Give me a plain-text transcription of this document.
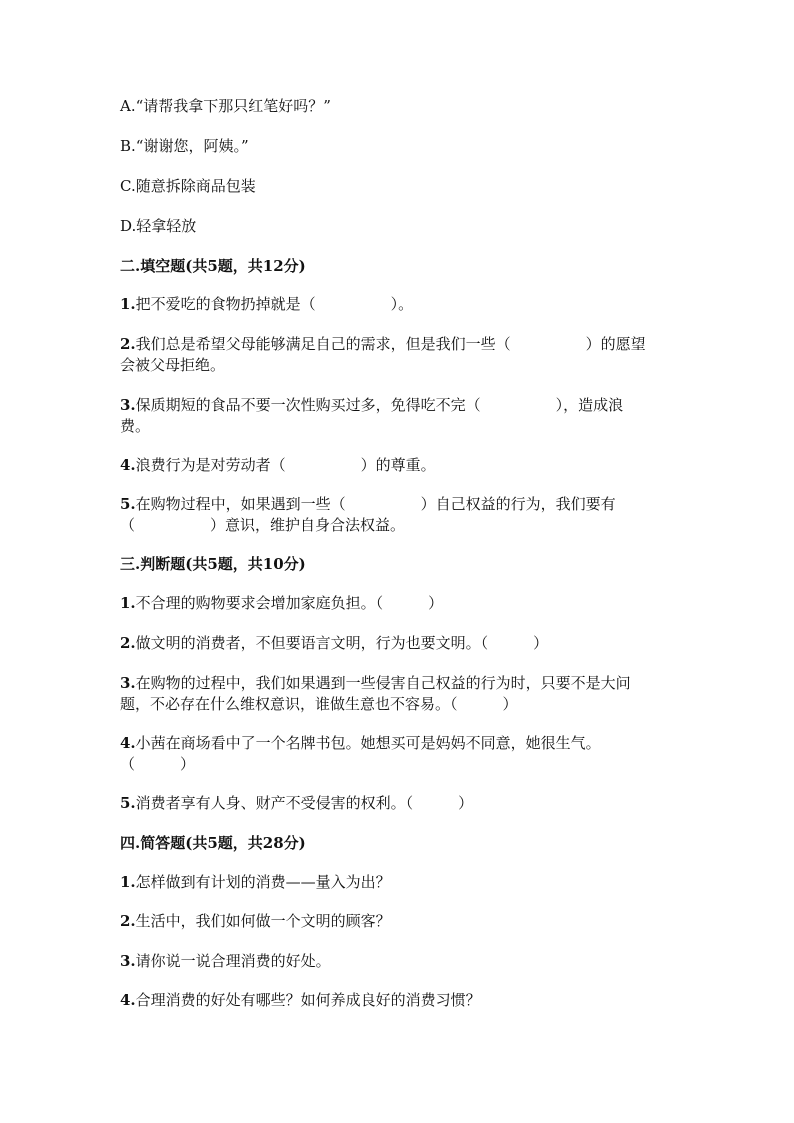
A.“请帮我拿下那只红笔好吗？”
B.“谢谢您，阿姨。”
C.随意拆除商品包装
D.轻拿轻放
二.填空题(共5题，共12分)
1.把不爱吃的食物扔掉就是（　　　　　）。
2.我们总是希望父母能够满足自己的需求，但是我们一些（　　　　　）的愿望
会被父母拒绝。
3.保质期短的食品不要一次性购买过多，免得吃不完（　　　　　），造成浪
费。
4.浪费行为是对劳动者（　　　　　）的尊重。
5.在购物过程中，如果遇到一些（　　　　　）自己权益的行为，我们要有
（　　　　　）意识，维护自身合法权益。
三.判断题(共5题，共10分)
1.不合理的购物要求会增加家庭负担。（　　　）
2.做文明的消费者，不但要语言文明，行为也要文明。（　　　）
3.在购物的过程中，我们如果遇到一些侵害自己权益的行为时，只要不是大问
题，不必存在什么维权意识，谁做生意也不容易。（　　　）
4.小茜在商场看中了一个名牌书包。她想买可是妈妈不同意，她很生气。
（　　　）
5.消费者享有人身、财产不受侵害的权利。（　　　）
四.简答题(共5题，共28分)
1.怎样做到有计划的消费——量入为出？
2.生活中，我们如何做一个文明的顾客？
3.请你说一说合理消费的好处。
4.合理消费的好处有哪些？如何养成良好的消费习惯？
